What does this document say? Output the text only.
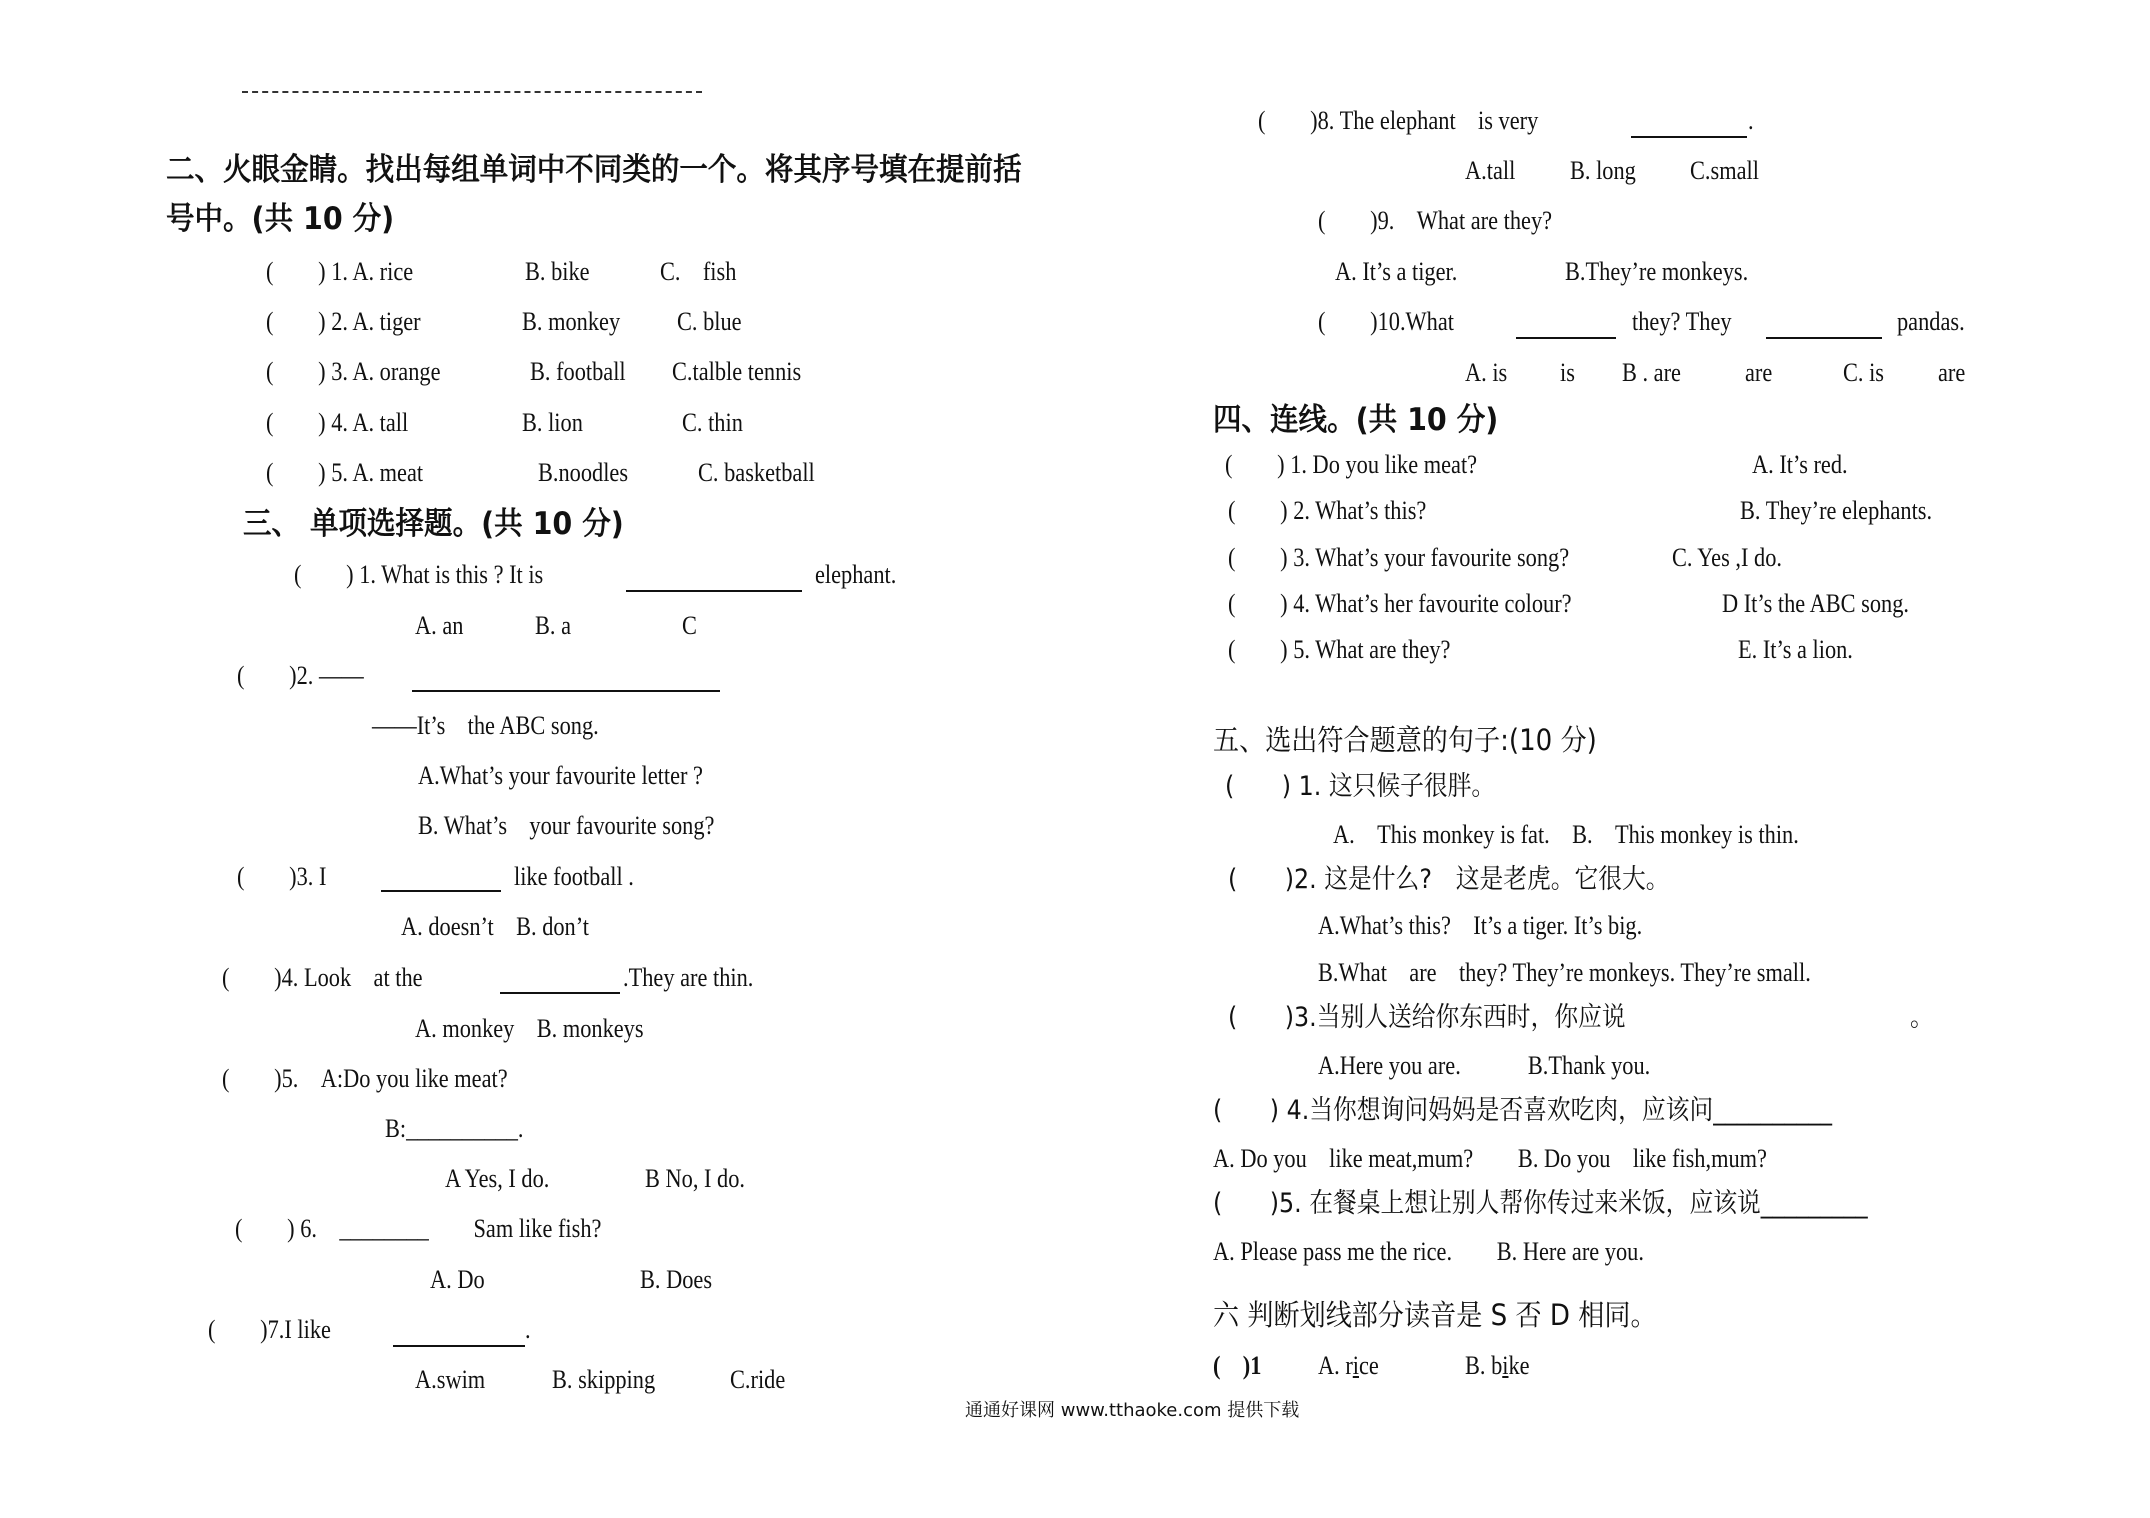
二、火眼金睛。找出每组单词中不同类的一个。将其序号填在提前括
号中。(共 10 分)
(　　) 1. A. rice	B. bike	C.　fish
(　　) 2. A. tiger	B. monkey C. blue
(　　) 3. A. orange	B. football C.talble tennis
(　　) 4. A. tall	B. lion	C. thin
(　　) 5. A. meat	B.noodles	C. basketball
三、 单项选择题。(共 10 分)
(　　) 1. What is this ? It is	elephant.
A. an	B. a	C
(　　)2. ——
——It’s　the ABC song.
A.What’s your favourite letter ?
B. What’s　your favourite song?
(　　)3. I	like football .
A. doesn’t　B. don’t
(　　)4. Look　at the	.They are thin.
A. monkey　B. monkeys
(　　)5.　A:Do you like meat?
B:__________.
A Yes, I do.	B No, I do.
(　　) 6.　________　　Sam like fish?
A. Do	B. Does
(　　)7.I like	.
A.swim	B. skipping	C.ride
(　　)8. The elephant　is very	.
A.tall B. long C.small
(　　)9.　What are they?
A. It’s a tiger.	B.They’re monkeys.
(　　)10.What	they? They	pandas.
A. is is B . are are	C. is are
四、连线。(共 10 分)
(　　) 1. Do you like meat?	A. It’s red.
(　　) 2. What’s this?	B. They’re elephants.
(　　) 3. What’s your favourite song?	C. Yes ,I do.
(　　) 4. What’s her favourite colour?	D It’s the ABC song.
(　　) 5. What are they?	E. It’s a lion.
五、选出符合题意的句子:(10 分)
(　　) 1. 这只候子很胖。
A.　This monkey is fat.　B.　This monkey is thin.
(　　)2. 这是什么?　这是老虎。它很大。
A.What’s this?　It’s a tiger. It’s big.
B.What　are　they? They’re monkeys. They’re small.
(　　)3.当别人送给你东西时，你应说	。
A.Here you are.　　　B.Thank you.
(　　) 4.当你想询问妈妈是否喜欢吃肉，应该问__________
A. Do you　like meat,mum?　　B. Do you　like fish,mum?
(　　)5. 在餐桌上想让别人帮你传过来米饭，应该说_________
A. Please pass me the rice.　　B. Here are you.
六 判断划线部分读音是 S 否 D 相同。
(　)1 A. rice	B. bike
通通好课网 www.tthaoke.com 提供下载
